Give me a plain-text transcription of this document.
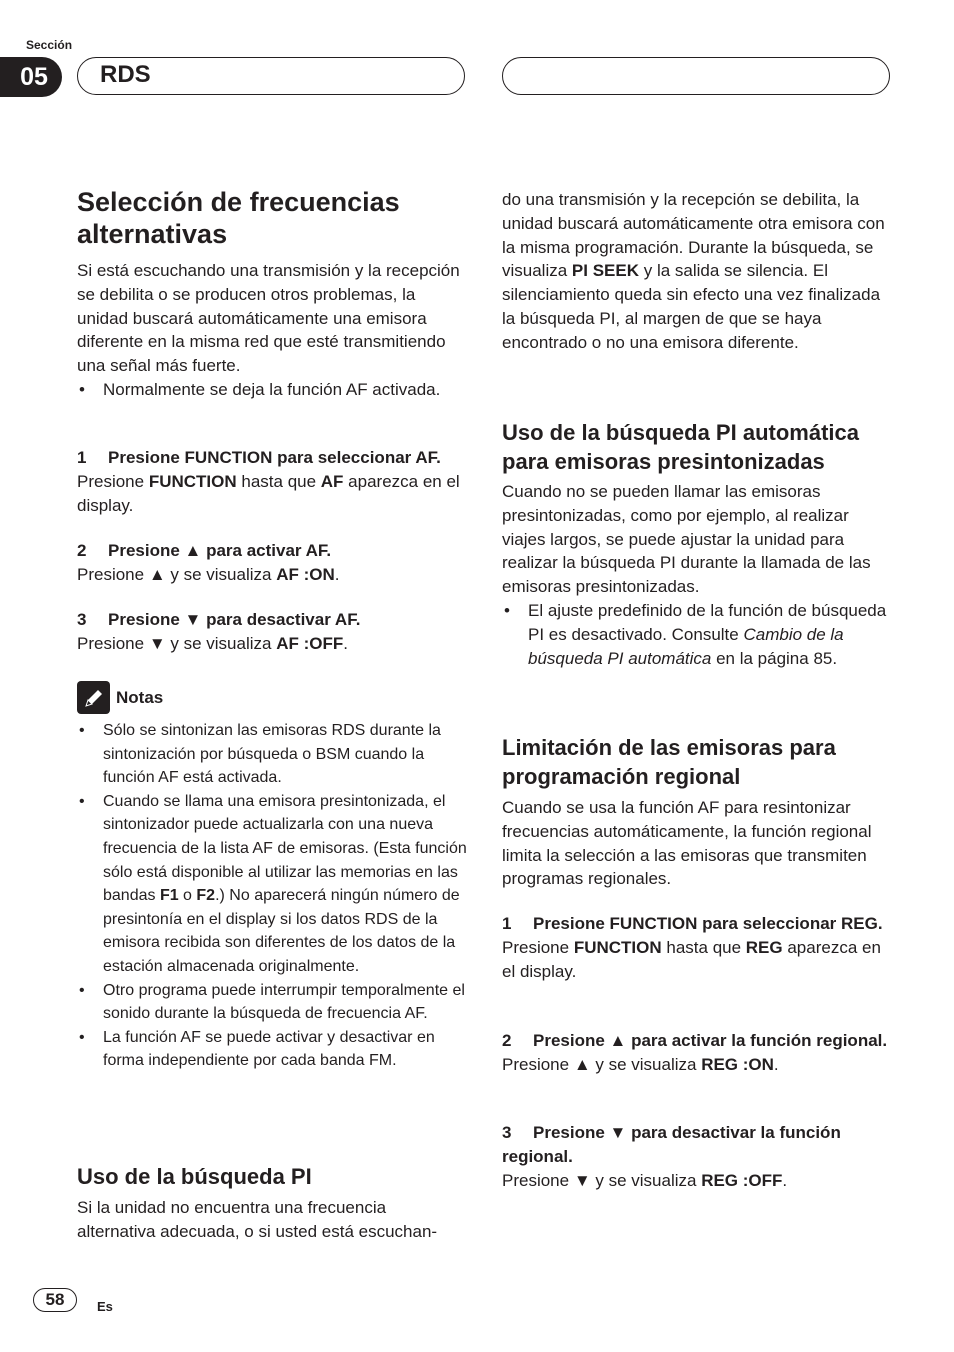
Sección
05	RDS
Selección de frecuencias alternativas

Si está escuchando una transmisión y la recepción se debilita o se producen otros problemas, la unidad buscará automáticamente una emisora diferente en la misma red que esté transmitiendo una señal más fuerte.

• Normalmente se deja la función AF activada.

1 Presione FUNCTION para seleccionar AF.

Presione FUNCTION hasta que AF aparezca en el display.

2 Presione ▲ para activar AF.

Presione ▲ y se visualiza AF :ON.

3 Presione ▼ para desactivar AF.

Presione ▼ y se visualiza AF :OFF.

Notas

• Sólo se sintonizan las emisoras RDS durante la sintonización por búsqueda o BSM cuando la función AF está activada.

• Cuando se llama una emisora presintonizada, el sintonizador puede actualizarla con una nueva frecuencia de la lista AF de emisoras. (Esta función sólo está disponible al utilizar las memorias en las bandas F1 o F2.) No aparecerá ningún número de presintonía en el display si los datos RDS de la emisora recibida son diferentes de los datos de la estación almacenada originalmente.

• Otro programa puede interrumpir temporalmente el sonido durante la búsqueda de frecuencia AF.

• La función AF se puede activar y desactivar en forma independiente por cada banda FM.

Uso de la búsqueda PI

Si la unidad no encuentra una frecuencia alternativa adecuada, o si usted está escuchan-

do una transmisión y la recepción se debilita, la unidad buscará automáticamente otra emisora con la misma programación. Durante la búsqueda, se visualiza PI SEEK y la salida se silencia. El silenciamiento queda sin efecto una vez finalizada la búsqueda PI, al margen de que se haya encontrado o no una emisora diferente.

Uso de la búsqueda PI automática para emisoras presintonizadas

Cuando no se pueden llamar las emisoras presintonizadas, como por ejemplo, al realizar viajes largos, se puede ajustar la unidad para realizar la búsqueda PI durante la llamada de las emisoras presintonizadas.

• El ajuste predefinido de la función de búsqueda PI es desactivado. Consulte Cambio de la búsqueda PI automática en la página 85.

Limitación de las emisoras para programación regional

Cuando se usa la función AF para resintonizar frecuencias automáticamente, la función regional limita la selección a las emisoras que transmiten programas regionales.

1 Presione FUNCTION para seleccionar REG.

Presione FUNCTION hasta que REG aparezca en el display.

2 Presione ▲ para activar la función regional.

Presione ▲ y se visualiza REG :ON.

3 Presione ▼ para desactivar la función regional.

Presione ▼ y se visualiza REG :OFF.

58	Es
